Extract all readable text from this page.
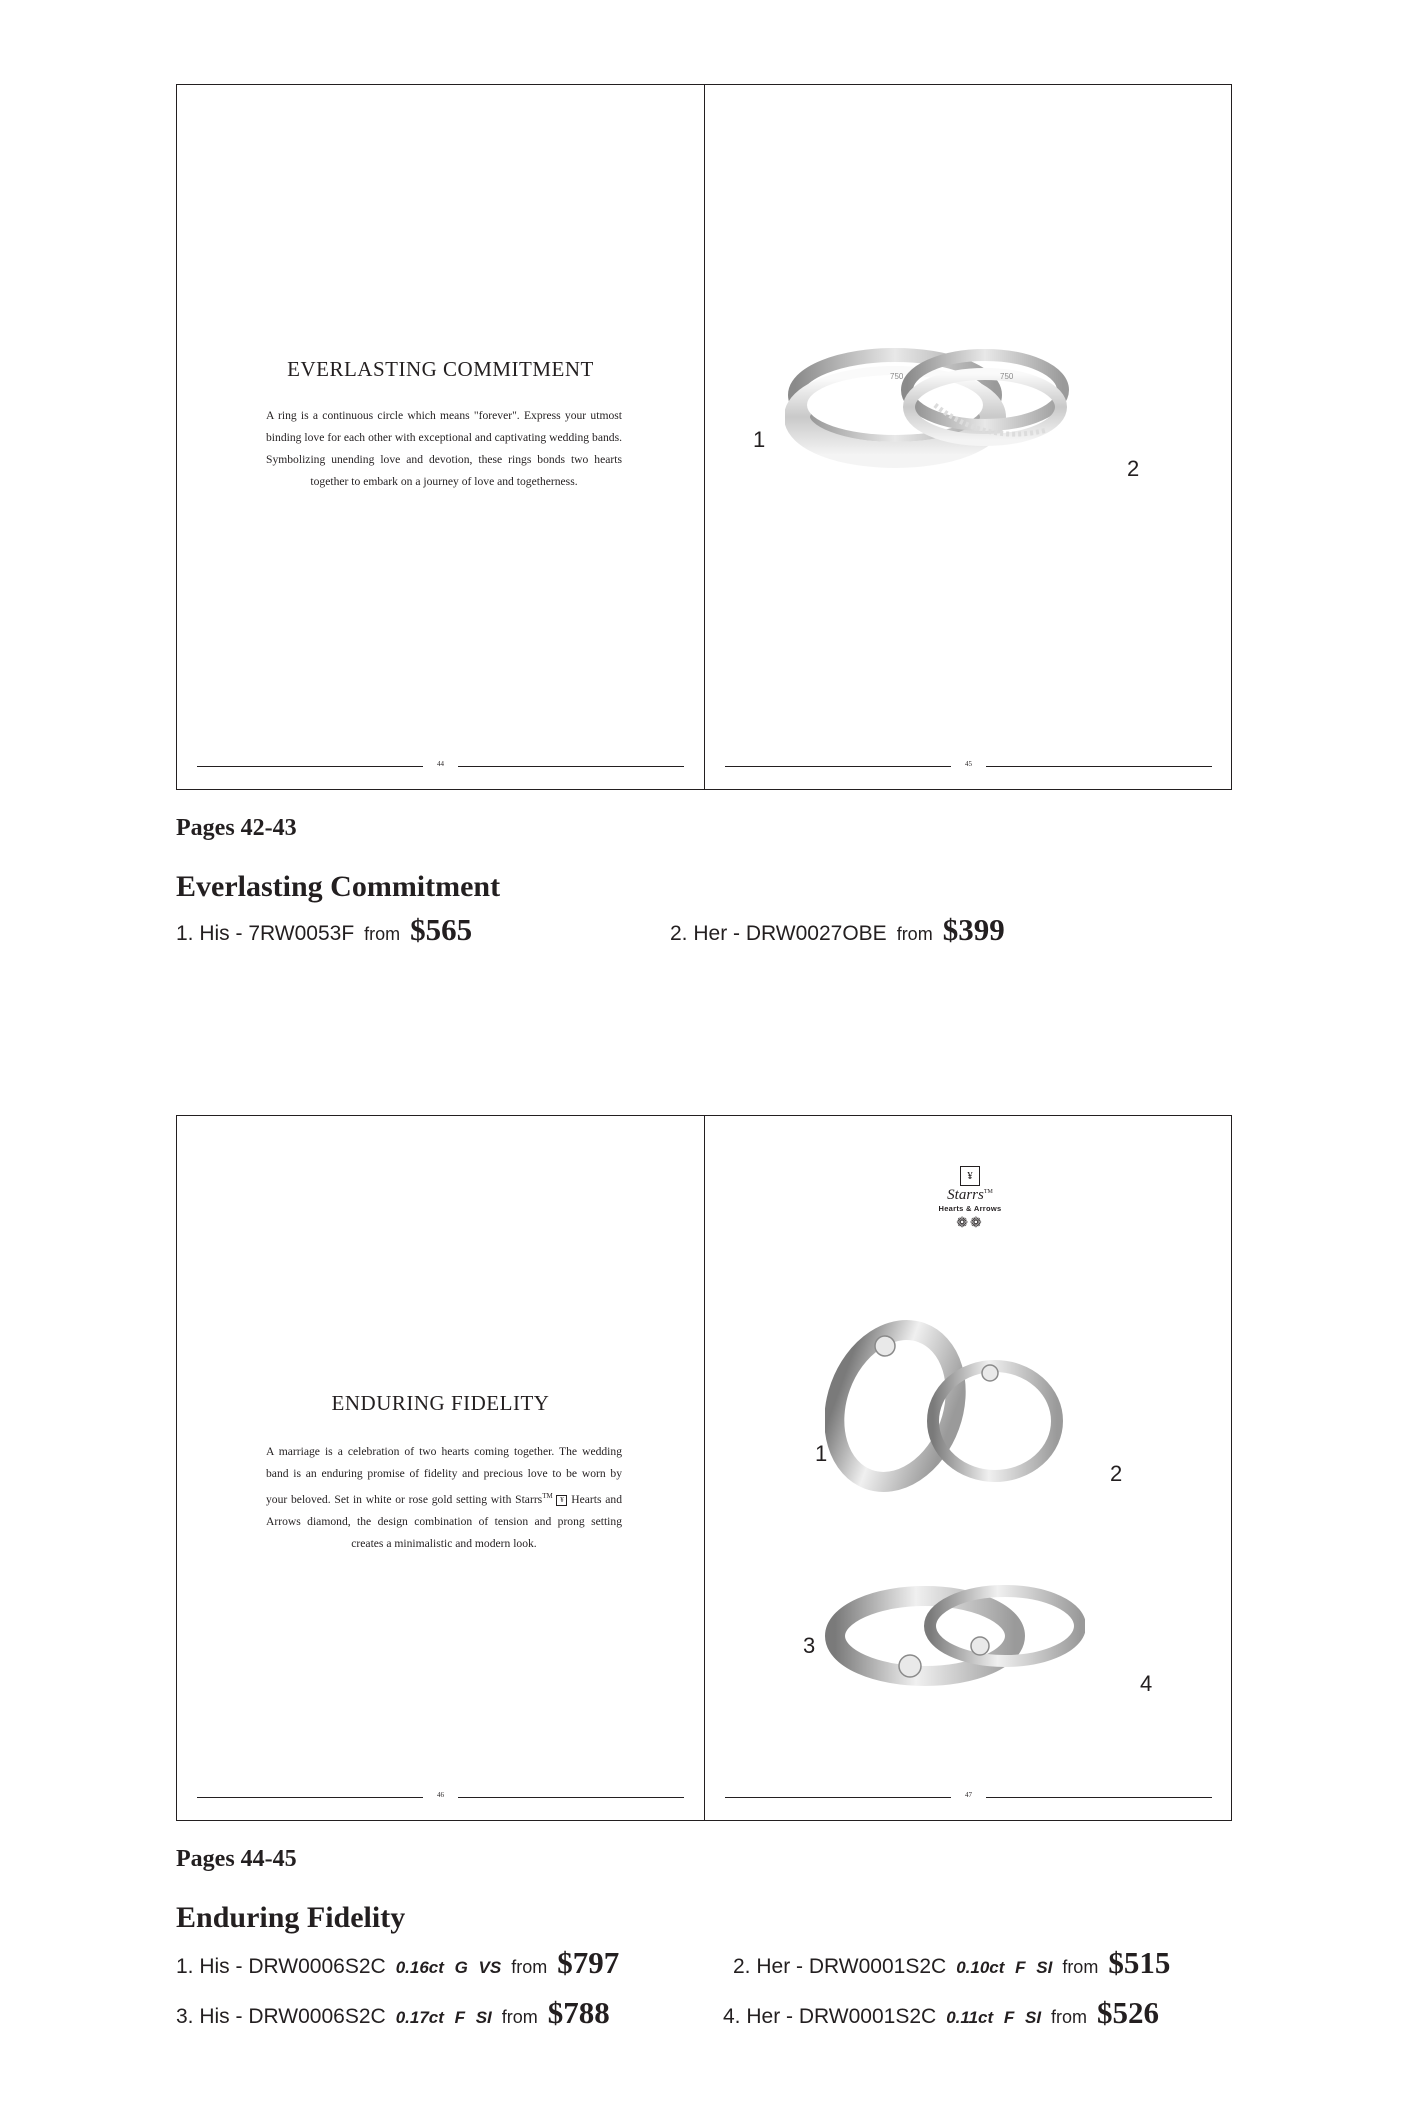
EVERLASTING COMMITMENT
A ring is a continuous circle which means "forever". Express your utmost binding love for each other with exceptional and captivating wedding bands. Symbolizing unending love and devotion, these rings bonds two hearts together to embark on a journey of love and togetherness.
44
750	750
1
2
45
Pages 42-43
Everlasting Commitment
1. His - 7RW0053F from $565	2. Her - DRW0027OBE from $399
ENDURING FIDELITY
A marriage is a celebration of two hearts coming together. The wedding band is an enduring promise of fidelity and precious love to be worn by your beloved. Set in white or rose gold setting with Starrs™ ¥ Hearts and Arrows diamond, the design combination of tension and prong setting creates a minimalistic and modern look.
46
¥
Starrs™
Hearts & Arrows
❁❁
1
2
3
4
47
Pages 44-45
Enduring Fidelity
1. His - DRW0006S2C 0.16ct G VS from $797	2. Her - DRW0001S2C 0.10ct F SI from $515
3. His - DRW0006S2C 0.17ct F SI from $788	4. Her - DRW0001S2C 0.11ct F SI from $526
